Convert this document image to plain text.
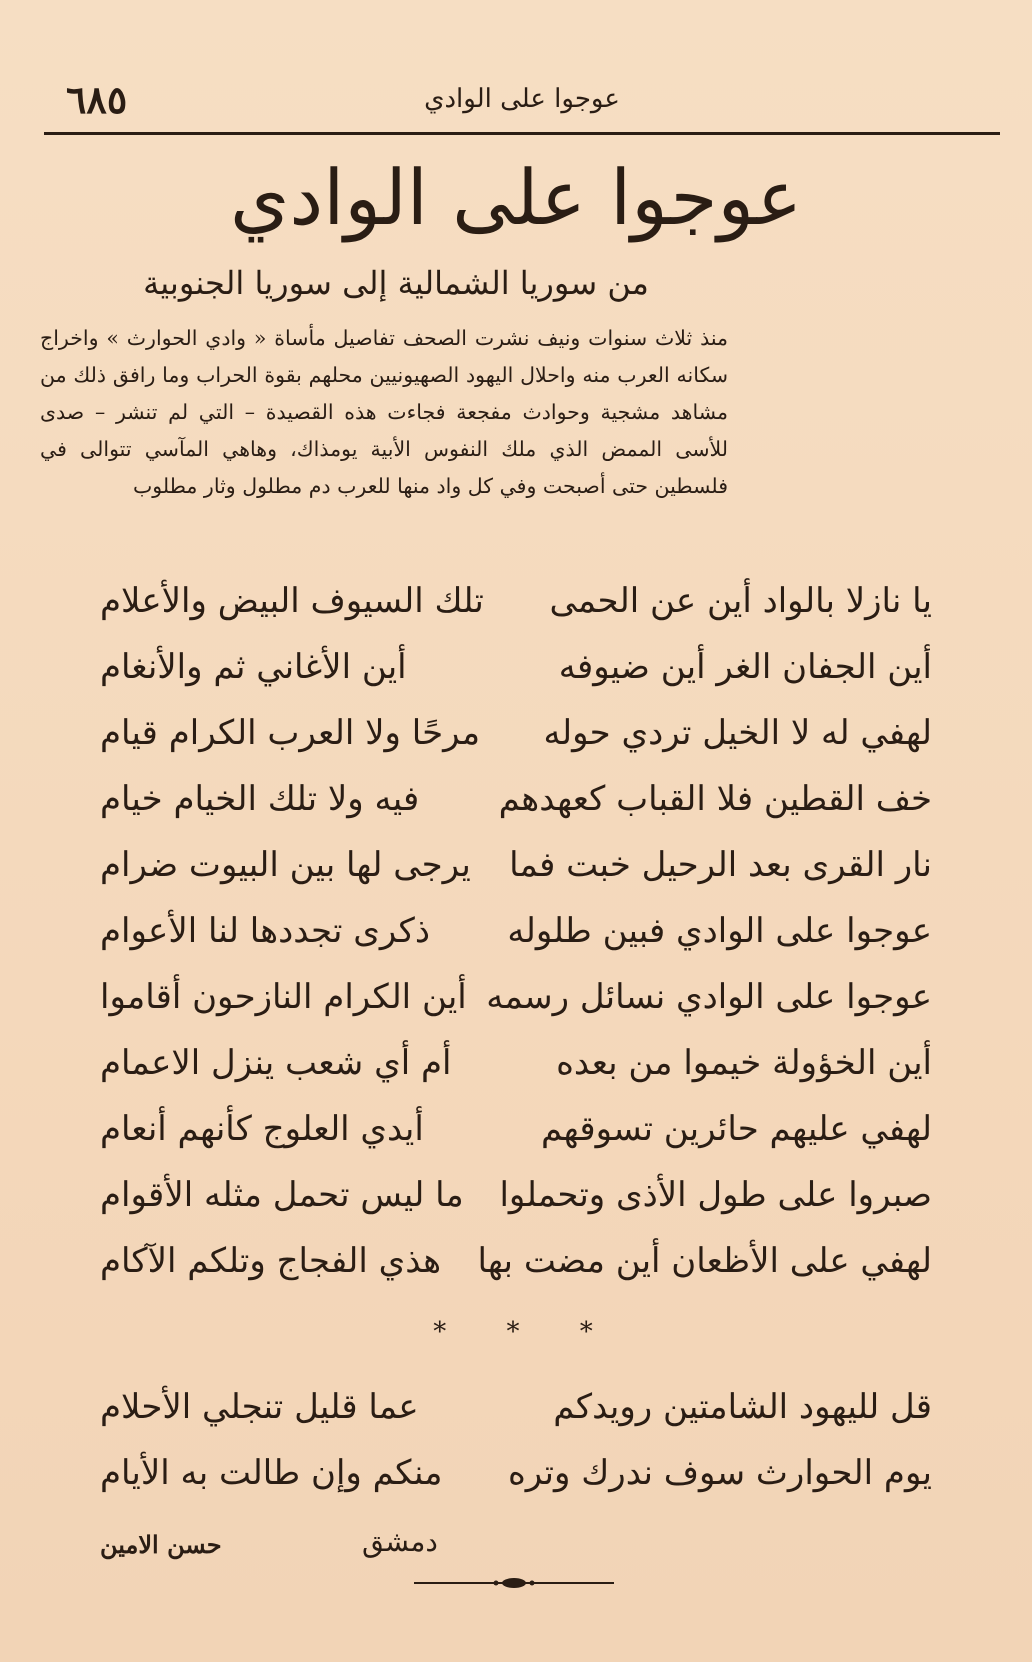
٦٨٥	عوجوا على الوادي
عوجوا على الوادي
من سوريا الشمالية إلى سوريا الجنوبية
منذ ثلاث سنوات ونيف نشرت الصحف تفاصيل مأساة « وادي الحوارث » واخراج سكانه العرب منه واحلال اليهود الصهيونيين محلهم بقوة الحراب وما رافق ذلك من مشاهد مشجية وحوادث مفجعة فجاءت هذه القصيدة – التي لم تنشر – صدى للأسى الممض الذي ملك النفوس الأبية يومذاك، وهاهي المآسي تتوالى في فلسطين حتى أصبحت وفي كل واد منها للعرب دم مطلول وثار مطلوب
يا نازلا بالواد أين عن الحمى
تلك السيوف البيض والأعلام
أين الجفان الغر أين ضيوفه
أين الأغاني ثم والأنغام
لهفي له لا الخيل تردي حوله
مرحًا ولا العرب الكرام قيام
خف القطين فلا القباب كعهدهم
فيه ولا تلك الخيام خيام
نار القرى بعد الرحيل خبت فما
يرجى لها بين البيوت ضرام
عوجوا على الوادي فبين طلوله
ذكرى تجددها لنا الأعوام
عوجوا على الوادي نسائل رسمه
أين الكرام النازحون أقاموا
أين الخؤولة خيموا من بعده
أم أي شعب ينزل الاعمام
لهفي عليهم حائرين تسوقهم
أيدي العلوج كأنهم أنعام
صبروا على طول الأذى وتحملوا
ما ليس تحمل مثله الأقوام
لهفي على الأظعان أين مضت بها
هذي الفجاج وتلكم الآكام
* * *
قل لليهود الشامتين رويدكم
عما قليل تنجلي الأحلام
يوم الحوارث سوف ندرك وتره
منكم وإن طالت به الأيام
دمشق
حسن الامين
